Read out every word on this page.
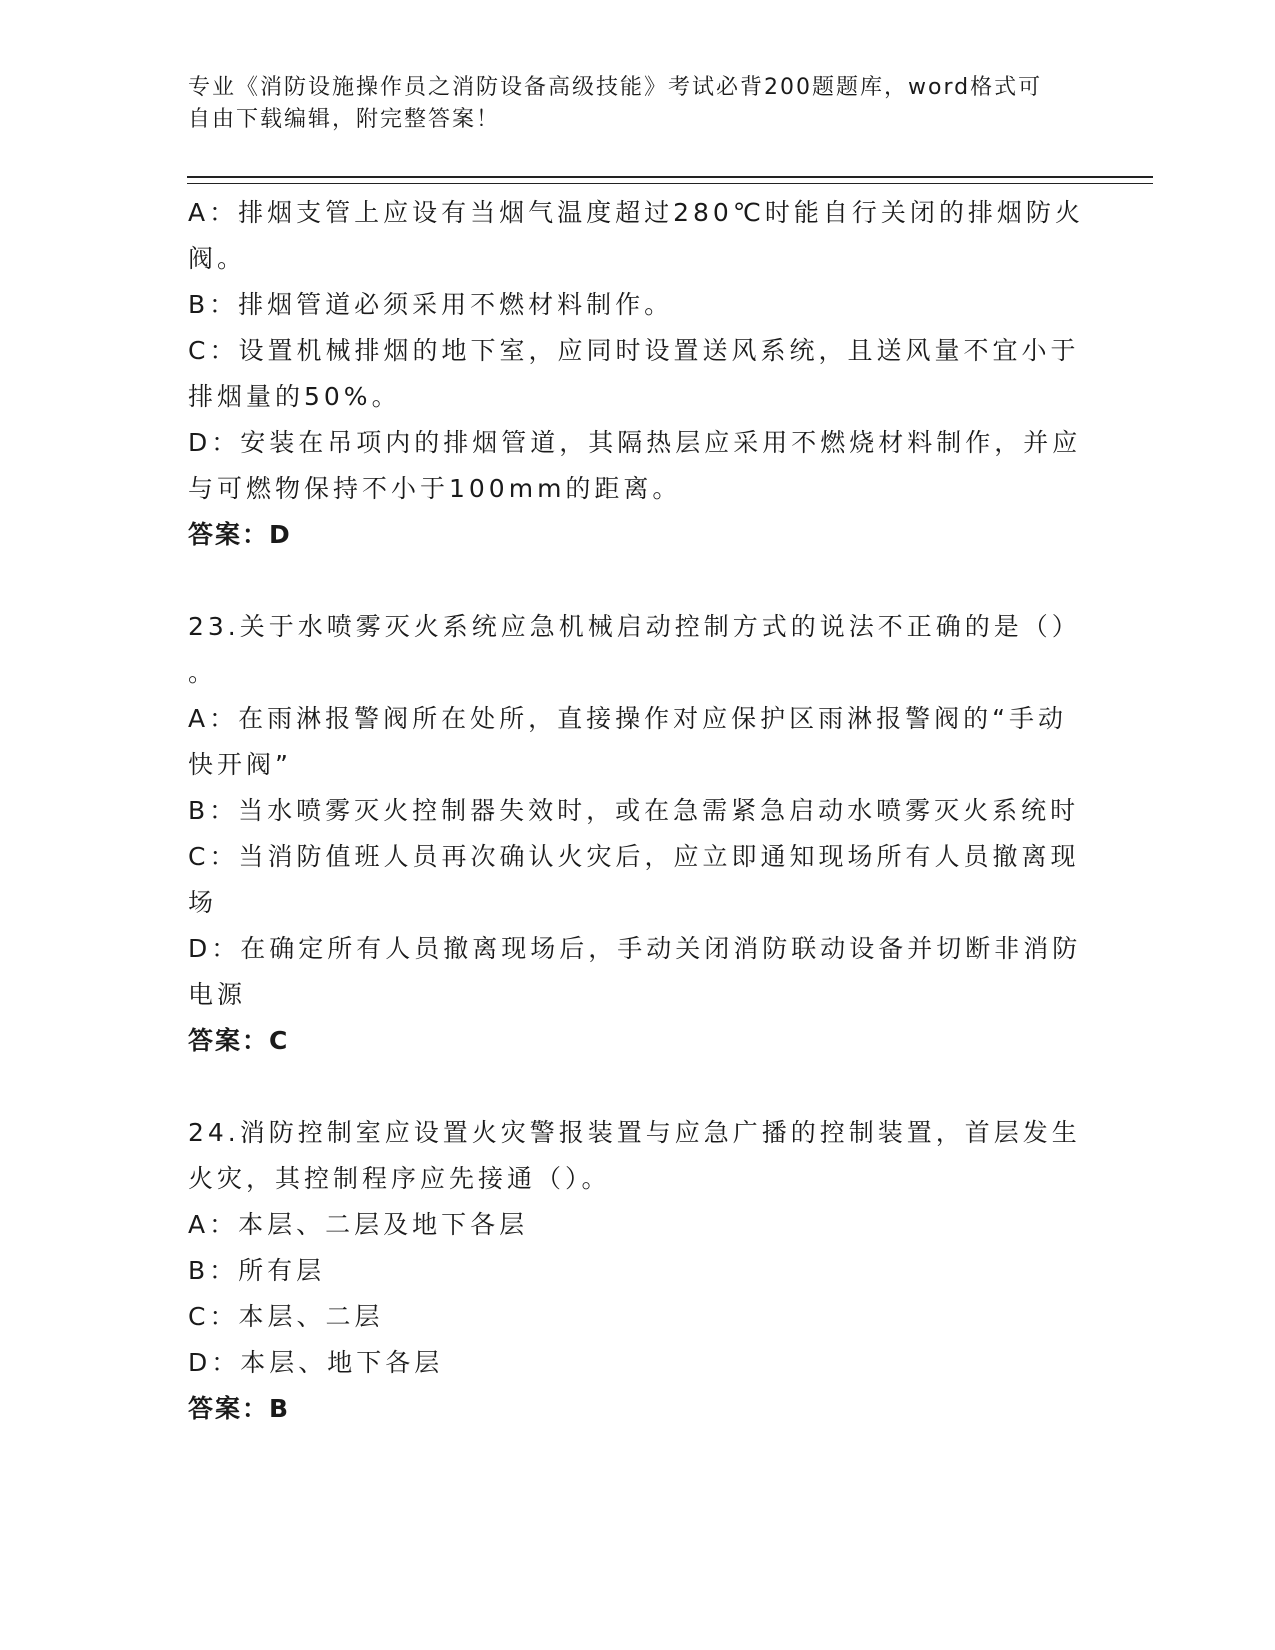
专业《消防设施操作员之消防设备高级技能》考试必背200题题库，word格式可
自由下载编辑，附完整答案！

A：排烟支管上应设有当烟气温度超过280℃时能自行关闭的排烟防火

阀。

B：排烟管道必须采用不燃材料制作。

C：设置机械排烟的地下室，应同时设置送风系统，且送风量不宜小于

排烟量的50%。

D：安装在吊项内的排烟管道，其隔热层应采用不燃烧材料制作，并应

与可燃物保持不小于100mm的距离。

答案：D

23.关于水喷雾灭火系统应急机械启动控制方式的说法不正确的是（）

。

A：在雨淋报警阀所在处所，直接操作对应保护区雨淋报警阀的“手动

快开阀”

B：当水喷雾灭火控制器失效时，或在急需紧急启动水喷雾灭火系统时

C：当消防值班人员再次确认火灾后，应立即通知现场所有人员撤离现

场

D：在确定所有人员撤离现场后，手动关闭消防联动设备并切断非消防

电源

答案：C

24.消防控制室应设置火灾警报装置与应急广播的控制装置，首层发生

火灾，其控制程序应先接通（）。

A：本层、二层及地下各层

B：所有层

C：本层、二层

D：本层、地下各层

答案：B
